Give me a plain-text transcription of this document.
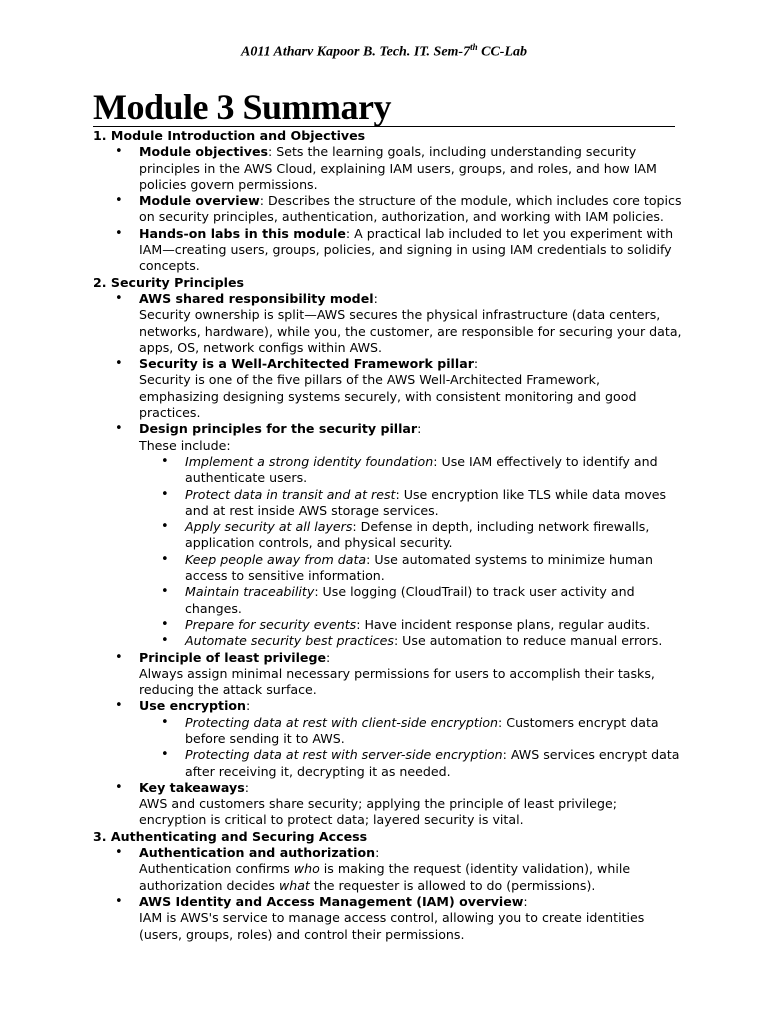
A011 Atharv Kapoor B. Tech. IT. Sem-7th CC-Lab
Module 3 Summary
1. Module Introduction and Objectives
• Module objectives: Sets the learning goals, including understanding security principles in the AWS Cloud, explaining IAM users, groups, and roles, and how IAM policies govern permissions.
• Module overview: Describes the structure of the module, which includes core topics on security principles, authentication, authorization, and working with IAM policies.
• Hands-on labs in this module: A practical lab included to let you experiment with IAM—creating users, groups, policies, and signing in using IAM credentials to solidify concepts.
2. Security Principles
• AWS shared responsibility model:
Security ownership is split—AWS secures the physical infrastructure (data centers, networks, hardware), while you, the customer, are responsible for securing your data, apps, OS, network configs within AWS.
• Security is a Well-Architected Framework pillar:
Security is one of the five pillars of the AWS Well-Architected Framework, emphasizing designing systems securely, with consistent monitoring and good practices.
• Design principles for the security pillar:
These include:
• Implement a strong identity foundation: Use IAM effectively to identify and authenticate users.
• Protect data in transit and at rest: Use encryption like TLS while data moves and at rest inside AWS storage services.
• Apply security at all layers: Defense in depth, including network firewalls, application controls, and physical security.
• Keep people away from data: Use automated systems to minimize human access to sensitive information.
• Maintain traceability: Use logging (CloudTrail) to track user activity and changes.
• Prepare for security events: Have incident response plans, regular audits.
• Automate security best practices: Use automation to reduce manual errors.
• Principle of least privilege:
Always assign minimal necessary permissions for users to accomplish their tasks, reducing the attack surface.
• Use encryption:
• Protecting data at rest with client-side encryption: Customers encrypt data before sending it to AWS.
• Protecting data at rest with server-side encryption: AWS services encrypt data after receiving it, decrypting it as needed.
• Key takeaways:
AWS and customers share security; applying the principle of least privilege; encryption is critical to protect data; layered security is vital.
3. Authenticating and Securing Access
• Authentication and authorization:
Authentication confirms who is making the request (identity validation), while authorization decides what the requester is allowed to do (permissions).
• AWS Identity and Access Management (IAM) overview:
IAM is AWS's service to manage access control, allowing you to create identities (users, groups, roles) and control their permissions.
